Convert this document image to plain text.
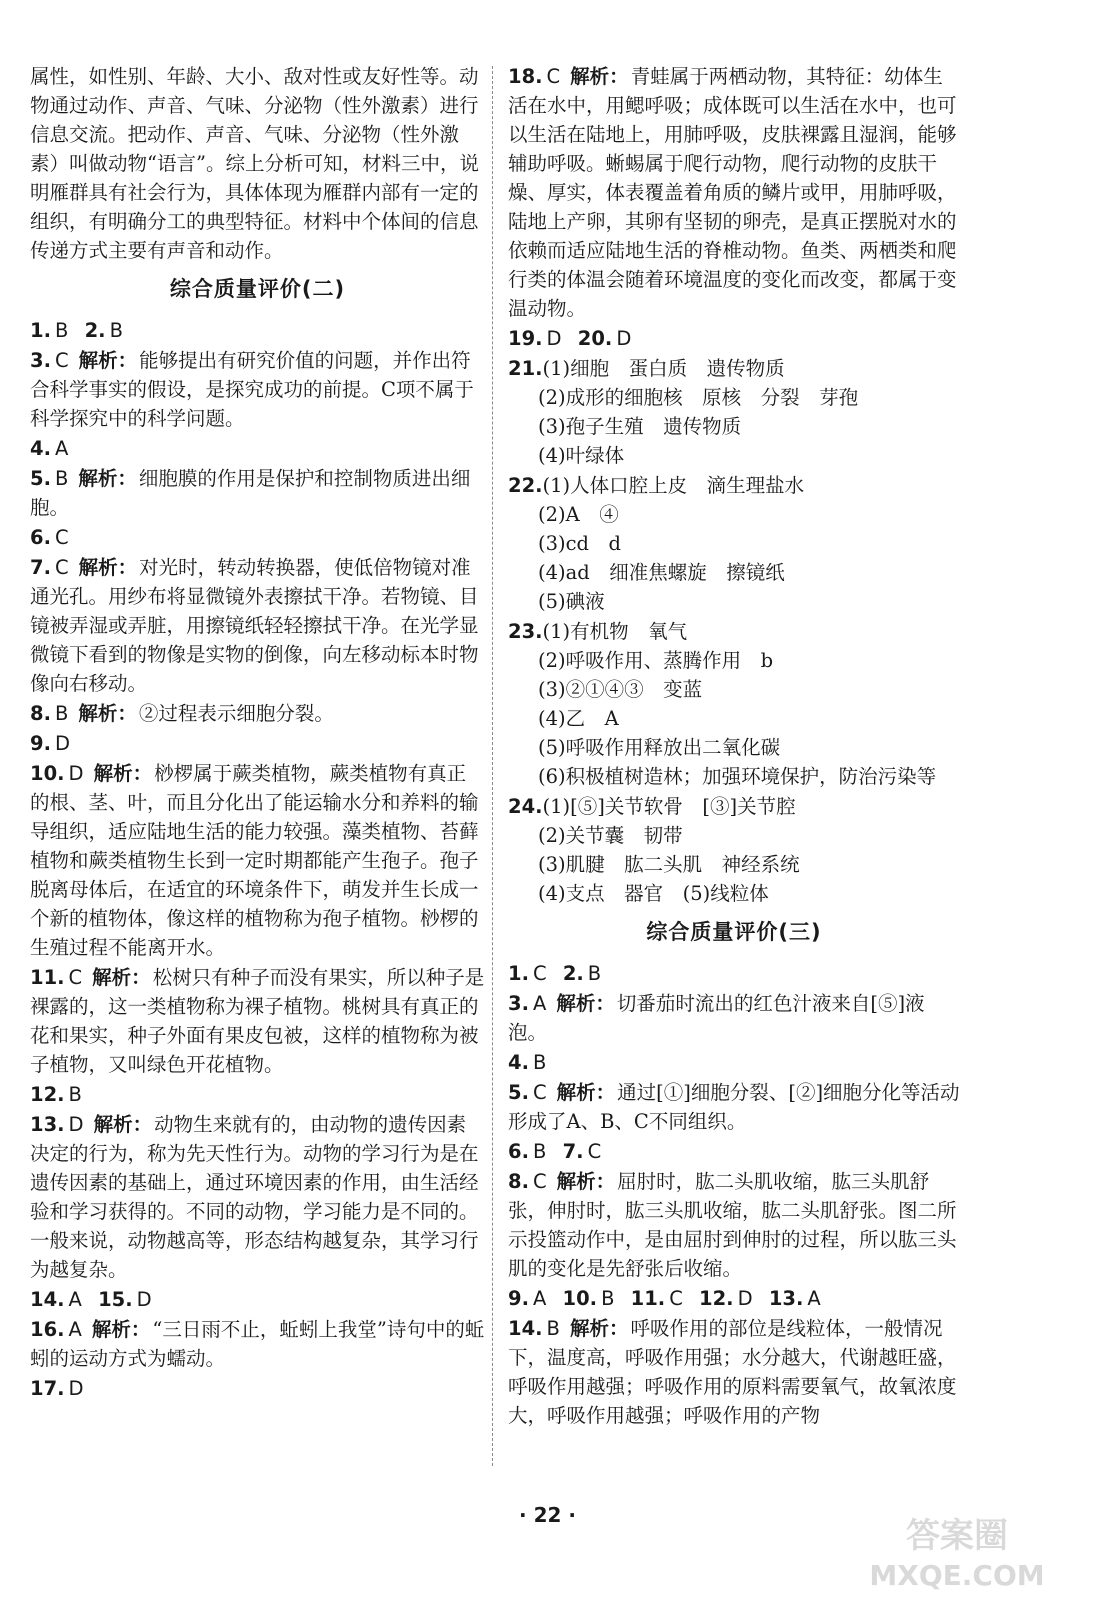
属性，如性别、年龄、大小、敌对性或友好性等。动物通过动作、声音、气味、分泌物（性外激素）进行信息交流。把动作、声音、气味、分泌物（性外激素）叫做动物“语言”。综上分析可知，材料三中，说明雁群具有社会行为，具体体现为雁群内部有一定的组织，有明确分工的典型特征。材料中个体间的信息传递方式主要有声音和动作。

综合质量评价(二)
1. B 2. B
3. C 解析： 能够提出有研究价值的问题，并作出符合科学事实的假设，是探究成功的前提。C项不属于科学探究中的科学问题。
4. A
5. B 解析： 细胞膜的作用是保护和控制物质进出细胞。
6. C
7. C 解析： 对光时，转动转换器，使低倍物镜对准通光孔。用纱布将显微镜外表擦拭干净。若物镜、目镜被弄湿或弄脏，用擦镜纸轻轻擦拭干净。在光学显微镜下看到的物像是实物的倒像，向左移动标本时物像向右移动。
8. B 解析： ②过程表示细胞分裂。
9. D
10. D 解析： 桫椤属于蕨类植物，蕨类植物有真正的根、茎、叶，而且分化出了能运输水分和养料的输导组织，适应陆地生活的能力较强。藻类植物、苔藓植物和蕨类植物生长到一定时期都能产生孢子。孢子脱离母体后，在适宜的环境条件下，萌发并生长成一个新的植物体，像这样的植物称为孢子植物。桫椤的生殖过程不能离开水。
11. C 解析： 松树只有种子而没有果实，所以种子是裸露的，这一类植物称为裸子植物。桃树具有真正的花和果实，种子外面有果皮包被，这样的植物称为被子植物，又叫绿色开花植物。
12. B
13. D 解析： 动物生来就有的，由动物的遗传因素决定的行为，称为先天性行为。动物的学习行为是在遗传因素的基础上，通过环境因素的作用，由生活经验和学习获得的。不同的动物，学习能力是不同的。一般来说，动物越高等，形态结构越复杂，其学习行为越复杂。
14. A 15. D
16. A 解析： “三日雨不止，蚯蚓上我堂”诗句中的蚯蚓的运动方式为蠕动。
17. D
18. C 解析： 青蛙属于两栖动物，其特征：幼体生活在水中，用鳃呼吸；成体既可以生活在水中，也可以生活在陆地上，用肺呼吸，皮肤裸露且湿润，能够辅助呼吸。蜥蜴属于爬行动物，爬行动物的皮肤干燥、厚实，体表覆盖着角质的鳞片或甲，用肺呼吸，陆地上产卵，其卵有坚韧的卵壳，是真正摆脱对水的依赖而适应陆地生活的脊椎动物。鱼类、两栖类和爬行类的体温会随着环境温度的变化而改变，都属于变温动物。
19. D 20. D
21.(1)细胞　蛋白质　遗传物质
(2)成形的细胞核　原核　分裂　芽孢
(3)孢子生殖　遗传物质
(4)叶绿体
22.(1)人体口腔上皮　滴生理盐水
(2)A　④
(3)cd　d
(4)ad　细准焦螺旋　擦镜纸
(5)碘液
23.(1)有机物　氧气
(2)呼吸作用、蒸腾作用　b
(3)②①④③　变蓝
(4)乙　A
(5)呼吸作用释放出二氧化碳
(6)积极植树造林；加强环境保护，防治污染等
24.(1)[⑤]关节软骨　[③]关节腔
(2)关节囊　韧带
(3)肌腱　肱二头肌　神经系统
(4)支点　器官　(5)线粒体
综合质量评价(三)
1. C 2. B
3. A 解析： 切番茄时流出的红色汁液来自[⑤]液泡。
4. B
5. C 解析： 通过[①]细胞分裂、[②]细胞分化等活动形成了A、B、C不同组织。
6. B 7. C
8. C 解析： 屈肘时，肱二头肌收缩，肱三头肌舒张，伸肘时，肱三头肌收缩，肱二头肌舒张。图二所示投篮动作中，是由屈肘到伸肘的过程，所以肱三头肌的变化是先舒张后收缩。
9. A 10. B 11. C 12. D 13. A
14. B 解析： 呼吸作用的部位是线粒体，一般情况下，温度高，呼吸作用强；水分越大，代谢越旺盛，呼吸作用越强；呼吸作用的原料需要氧气，故氧浓度大，呼吸作用越强；呼吸作用的产物
· 22 ·
答案圈
MXQE.COM
